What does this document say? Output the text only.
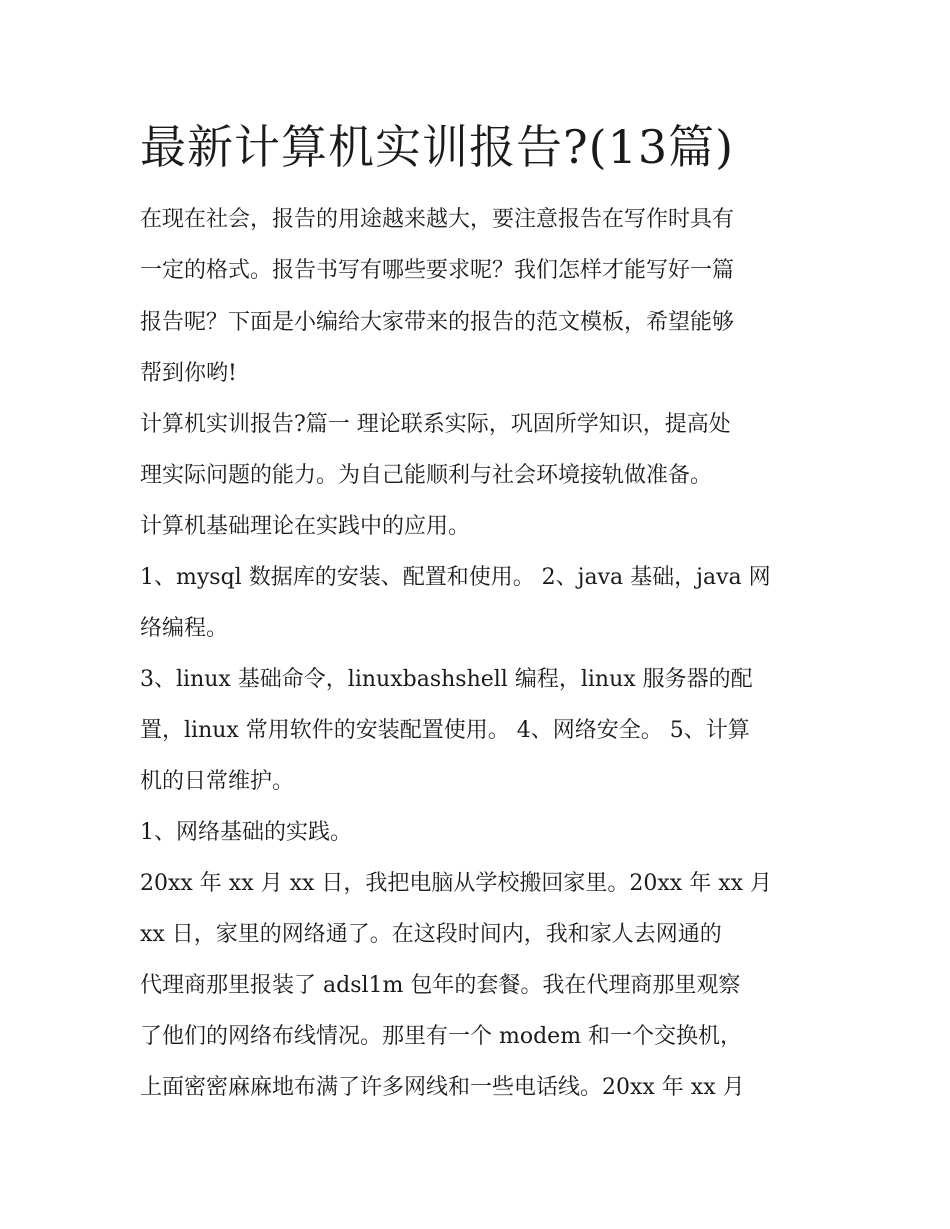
最新计算机实训报告?(13篇)

在现在社会，报告的用途越来越大，要注意报告在写作时具有

一定的格式。报告书写有哪些要求呢？我们怎样才能写好一篇

报告呢？下面是小编给大家带来的报告的范文模板，希望能够

帮到你哟!

计算机实训报告?篇一 理论联系实际，巩固所学知识，提高处

理实际问题的能力。为自己能顺利与社会环境接轨做准备。

计算机基础理论在实践中的应用。

1、mysql 数据库的安装、配置和使用。 2、java 基础，java 网

络编程。

3、linux 基础命令，linuxbashshell 编程，linux 服务器的配

置，linux 常用软件的安装配置使用。 4、网络安全。 5、计算

机的日常维护。

1、网络基础的实践。

20xx 年 xx 月 xx 日，我把电脑从学校搬回家里。20xx 年 xx 月

xx 日，家里的网络通了。在这段时间内，我和家人去网通的

代理商那里报装了 adsl1m 包年的套餐。我在代理商那里观察

了他们的网络布线情况。那里有一个 modem 和一个交换机，

上面密密麻麻地布满了许多网线和一些电话线。20xx 年 xx 月
